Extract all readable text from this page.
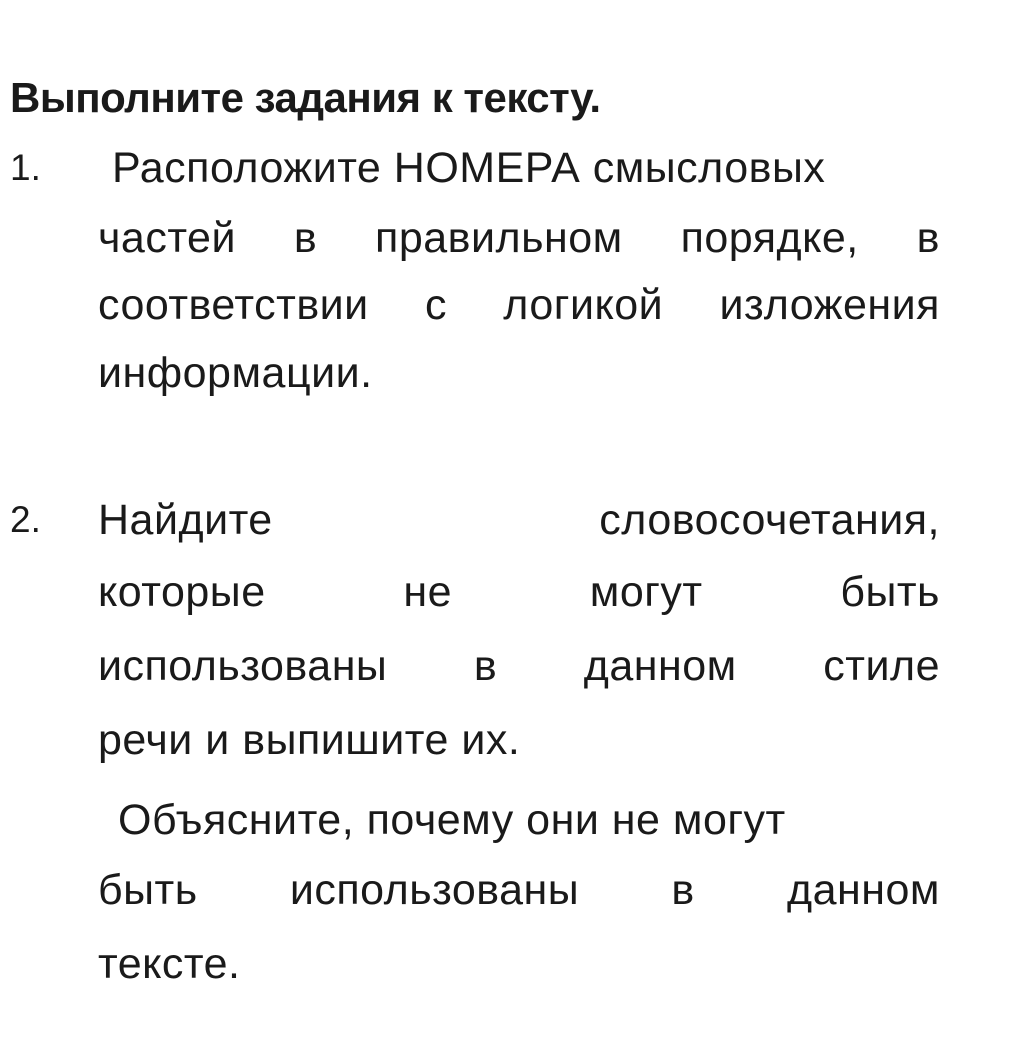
Выполните задания к тексту.
1. Расположите НОМЕРА смысловых
частей в правильном порядке, в
соответствии с логикой изложения
информации.
2. Найдите	словосочетания,
которые	не	могут	быть
использованы в данном стиле
речи и выпишите их.
Объясните, почему они не могут
быть использованы в данном
тексте.
